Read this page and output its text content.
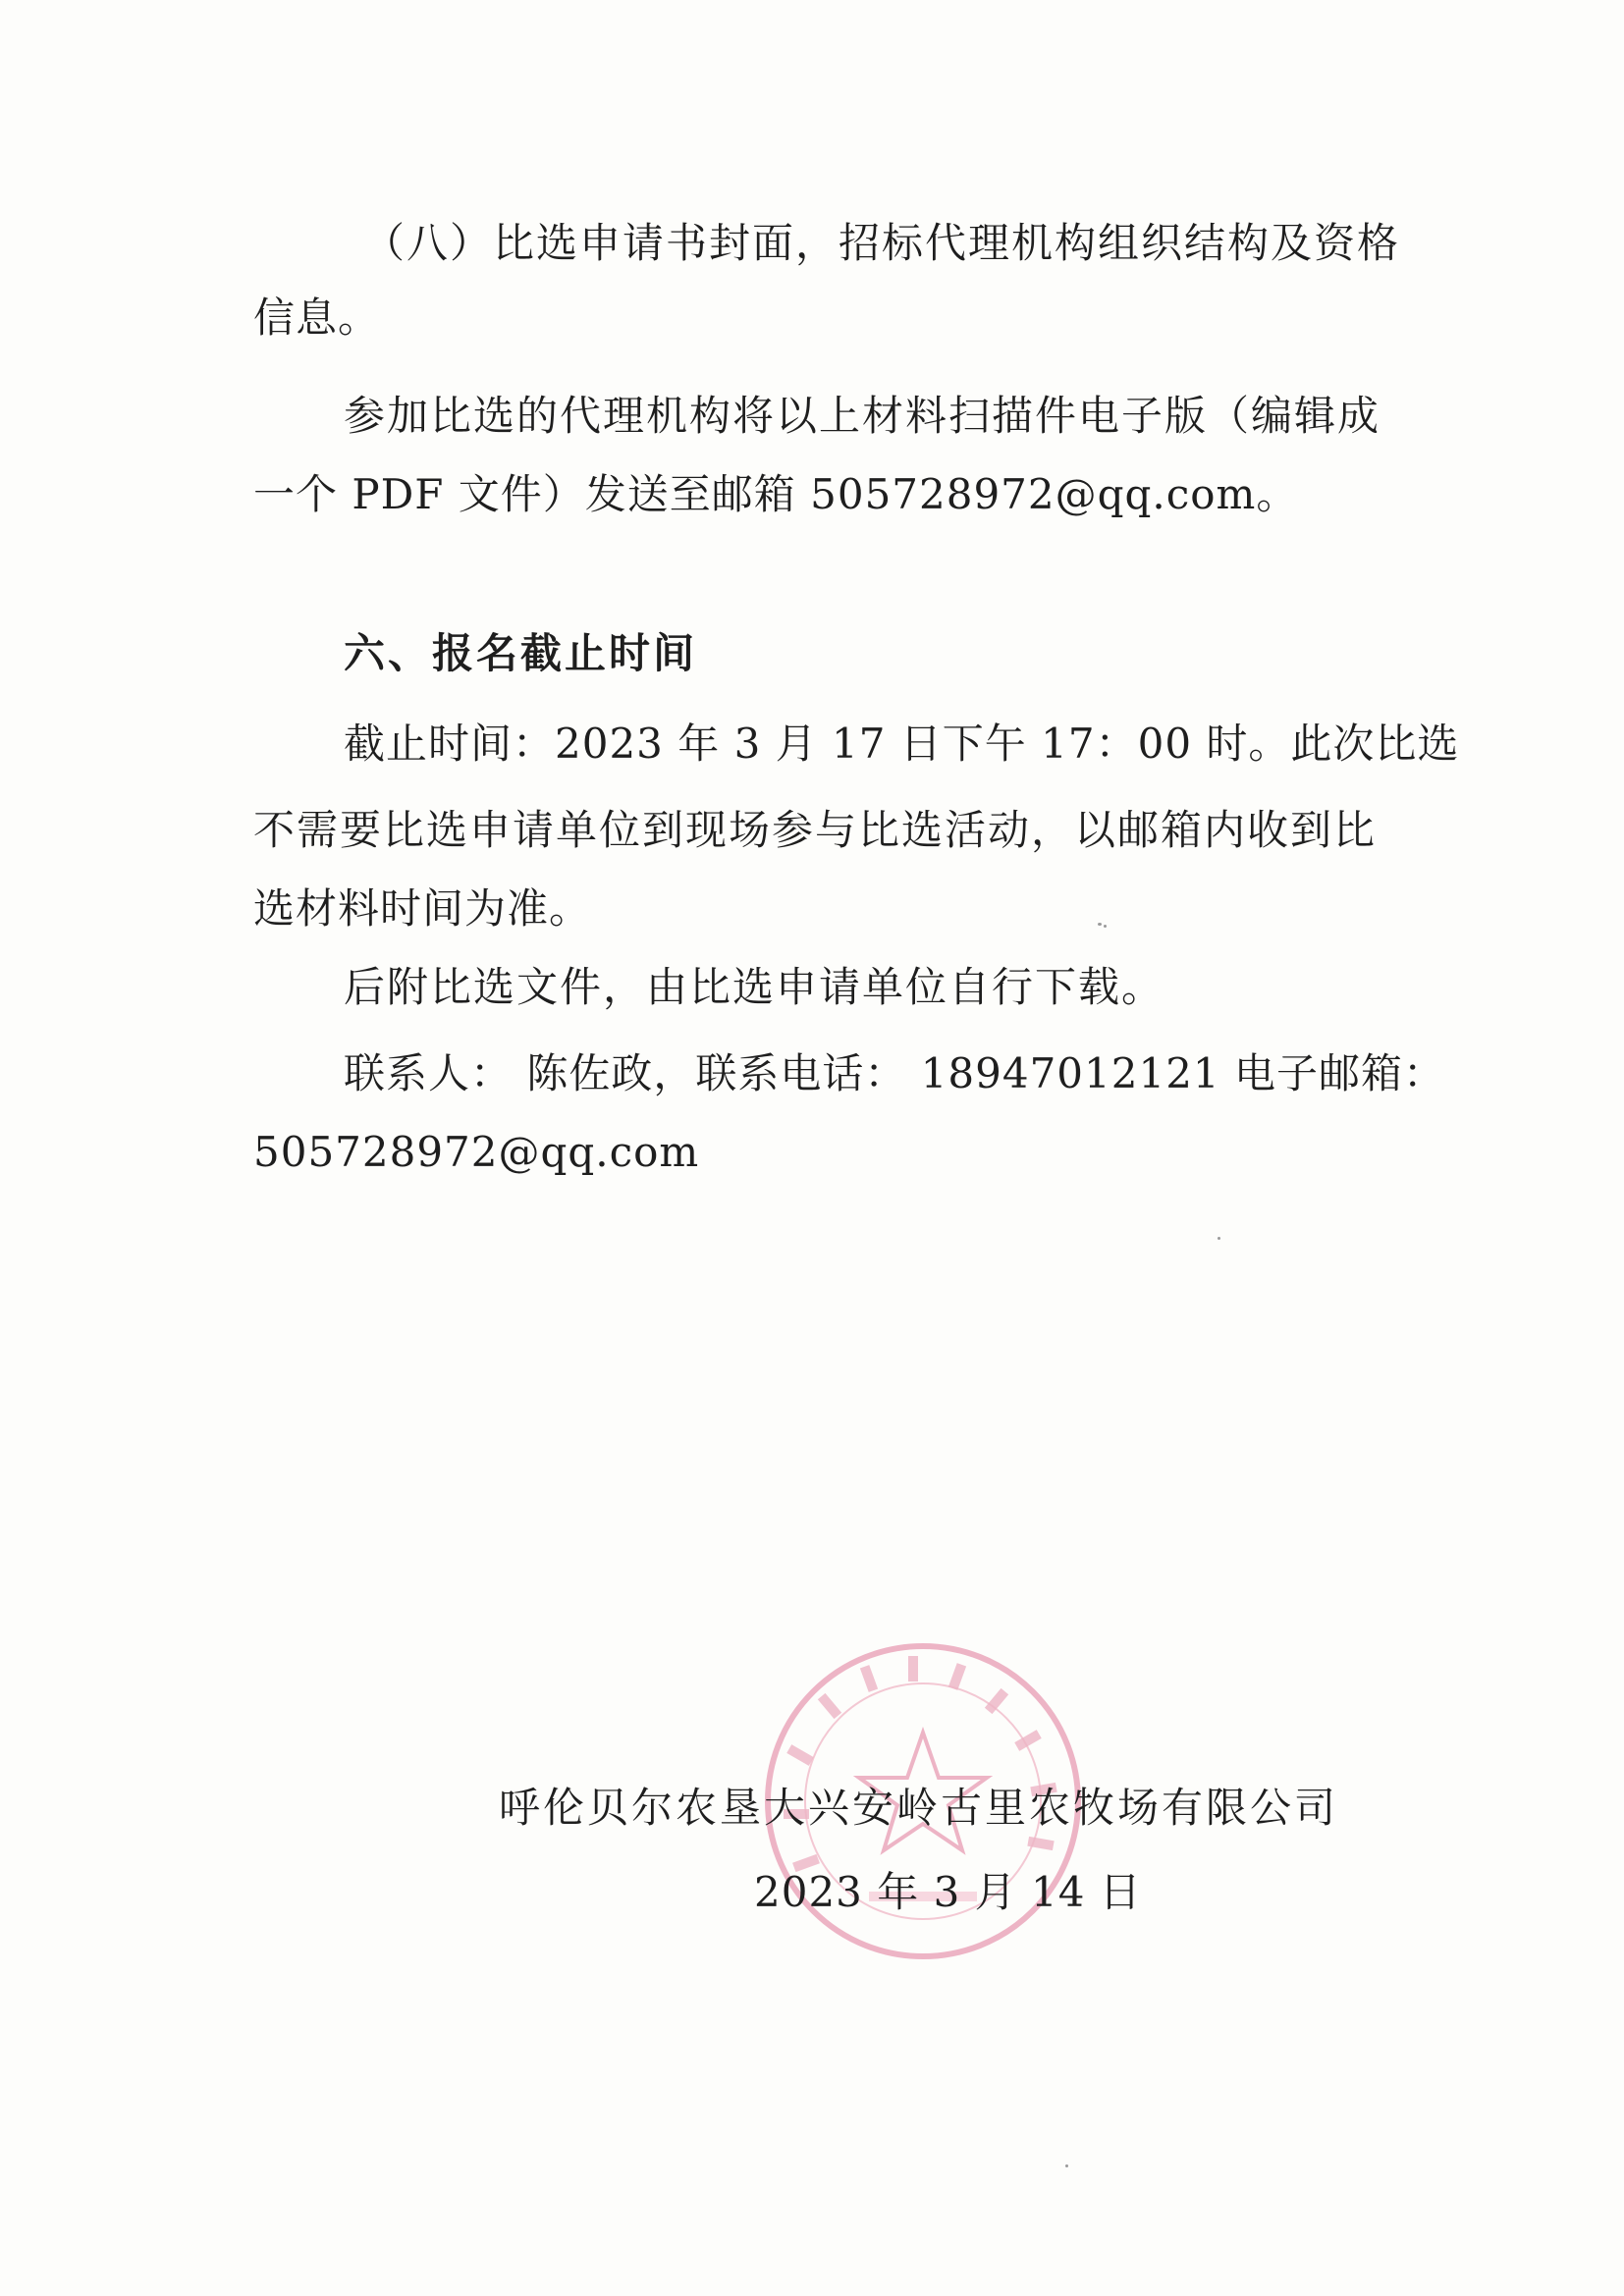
（八）比选申请书封面，招标代理机构组织结构及资格
信息。
参加比选的代理机构将以上材料扫描件电子版（编辑成
一个 PDF 文件）发送至邮箱 505728972@qq.com。
六、报名截止时间
截止时间：2023 年 3 月 17 日下午 17：00 时。此次比选
不需要比选申请单位到现场参与比选活动，以邮箱内收到比
选材料时间为准。
后附比选文件，由比选申请单位自行下载。
联系人： 陈佐政，联系电话： 18947012121 电子邮箱：
505728972@qq.com
呼伦贝尔农垦大兴安岭古里农牧场有限公司
2023 年 3 月 14 日
